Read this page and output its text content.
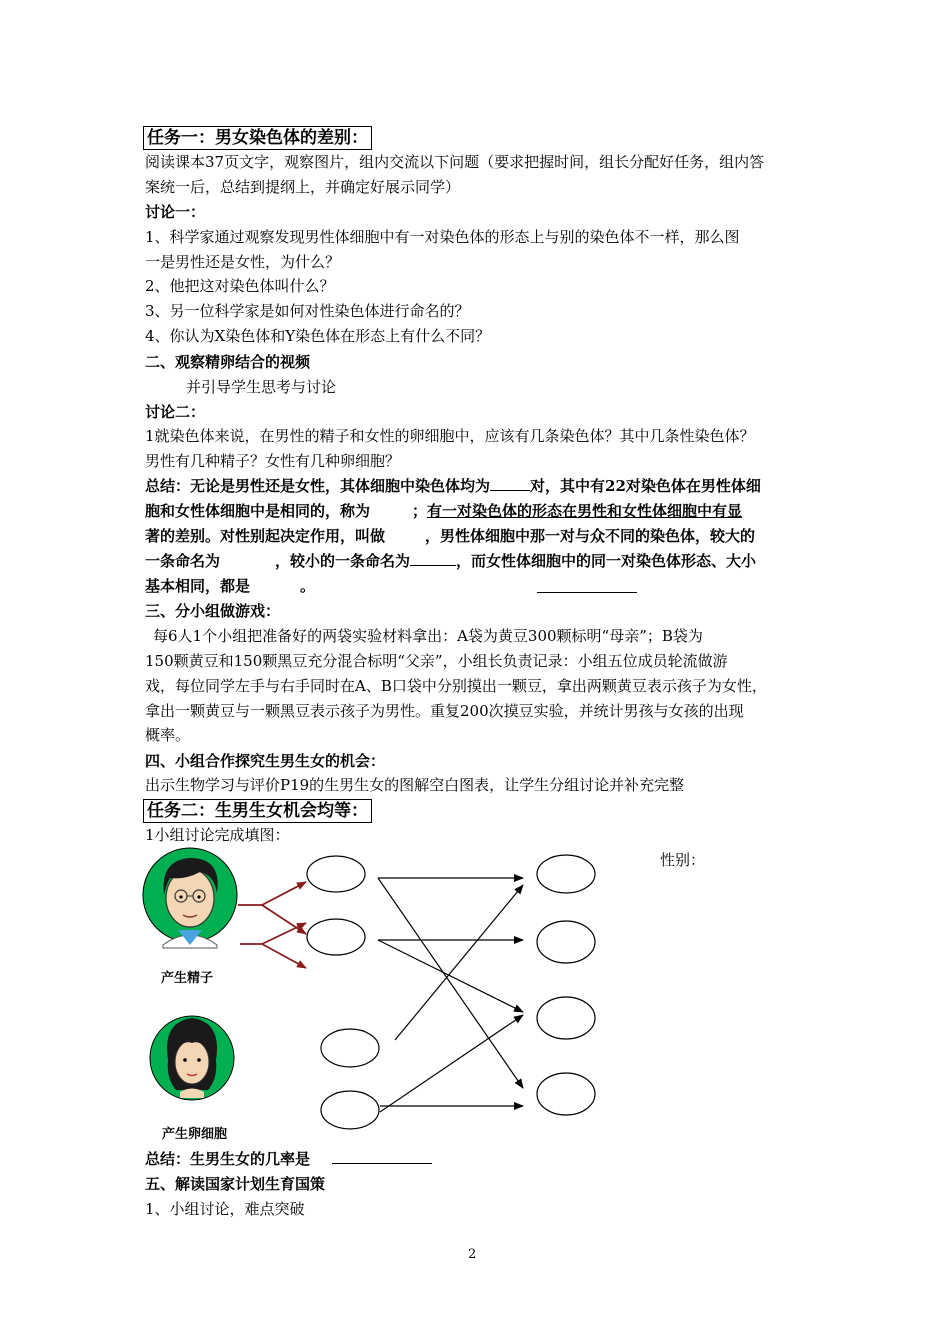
任务一：男女染色体的差别：
阅读课本37页文字，观察图片，组内交流以下问题（要求把握时间，组长分配好任务，组内答
案统一后，总结到提纲上，并确定好展示同学）
讨论一：
1、科学家通过观察发现男性体细胞中有一对染色体的形态上与别的染色体不一样，那么图
一是男性还是女性，为什么？
2、他把这对染色体叫什么？
3、另一位科学家是如何对性染色体进行命名的？
4、你认为X染色体和Y染色体在形态上有什么不同？
二、观察精卵结合的视频
并引导学生思考与讨论
讨论二：
1就染色体来说，在男性的精子和女性的卵细胞中，应该有几条染色体？其中几条性染色体？
男性有几种精子？女性有几种卵细胞？
总结：无论是男性还是女性，其体细胞中染色体均为	对，其中有22对染色体在男性体细
胞和女性体细胞中是相同的，称为	；有一对染色体的形态在男性和女性体细胞中有显
著的差别。对性别起决定作用，叫做	，男性体细胞中那一对与众不同的染色体，较大的
一条命名为	，较小的一条命名为	，而女性体细胞中的同一对染色体形态、大小
基本相同，都是	。
三、分小组做游戏：
每6人1个小组把准备好的两袋实验材料拿出：A袋为黄豆300颗标明“母亲”；B袋为
150颗黄豆和150颗黑豆充分混合标明“父亲”，小组长负责记录：小组五位成员轮流做游
戏，每位同学左手与右手同时在A、B口袋中分别摸出一颗豆，拿出两颗黄豆表示孩子为女性，
拿出一颗黄豆与一颗黑豆表示孩子为男性。重复200次摸豆实验，并统计男孩与女孩的出现
概率。
四、小组合作探究生男生女的机会：
出示生物学习与评价P19的生男生女的图解空白图表，让学生分组讨论并补充完整
任务二：生男生女机会均等：
1小组讨论完成填图：
性别：
产生精子
产生卵细胞
总结：生男生女的几率是
五、解读国家计划生育国策
1、小组讨论，难点突破
2
